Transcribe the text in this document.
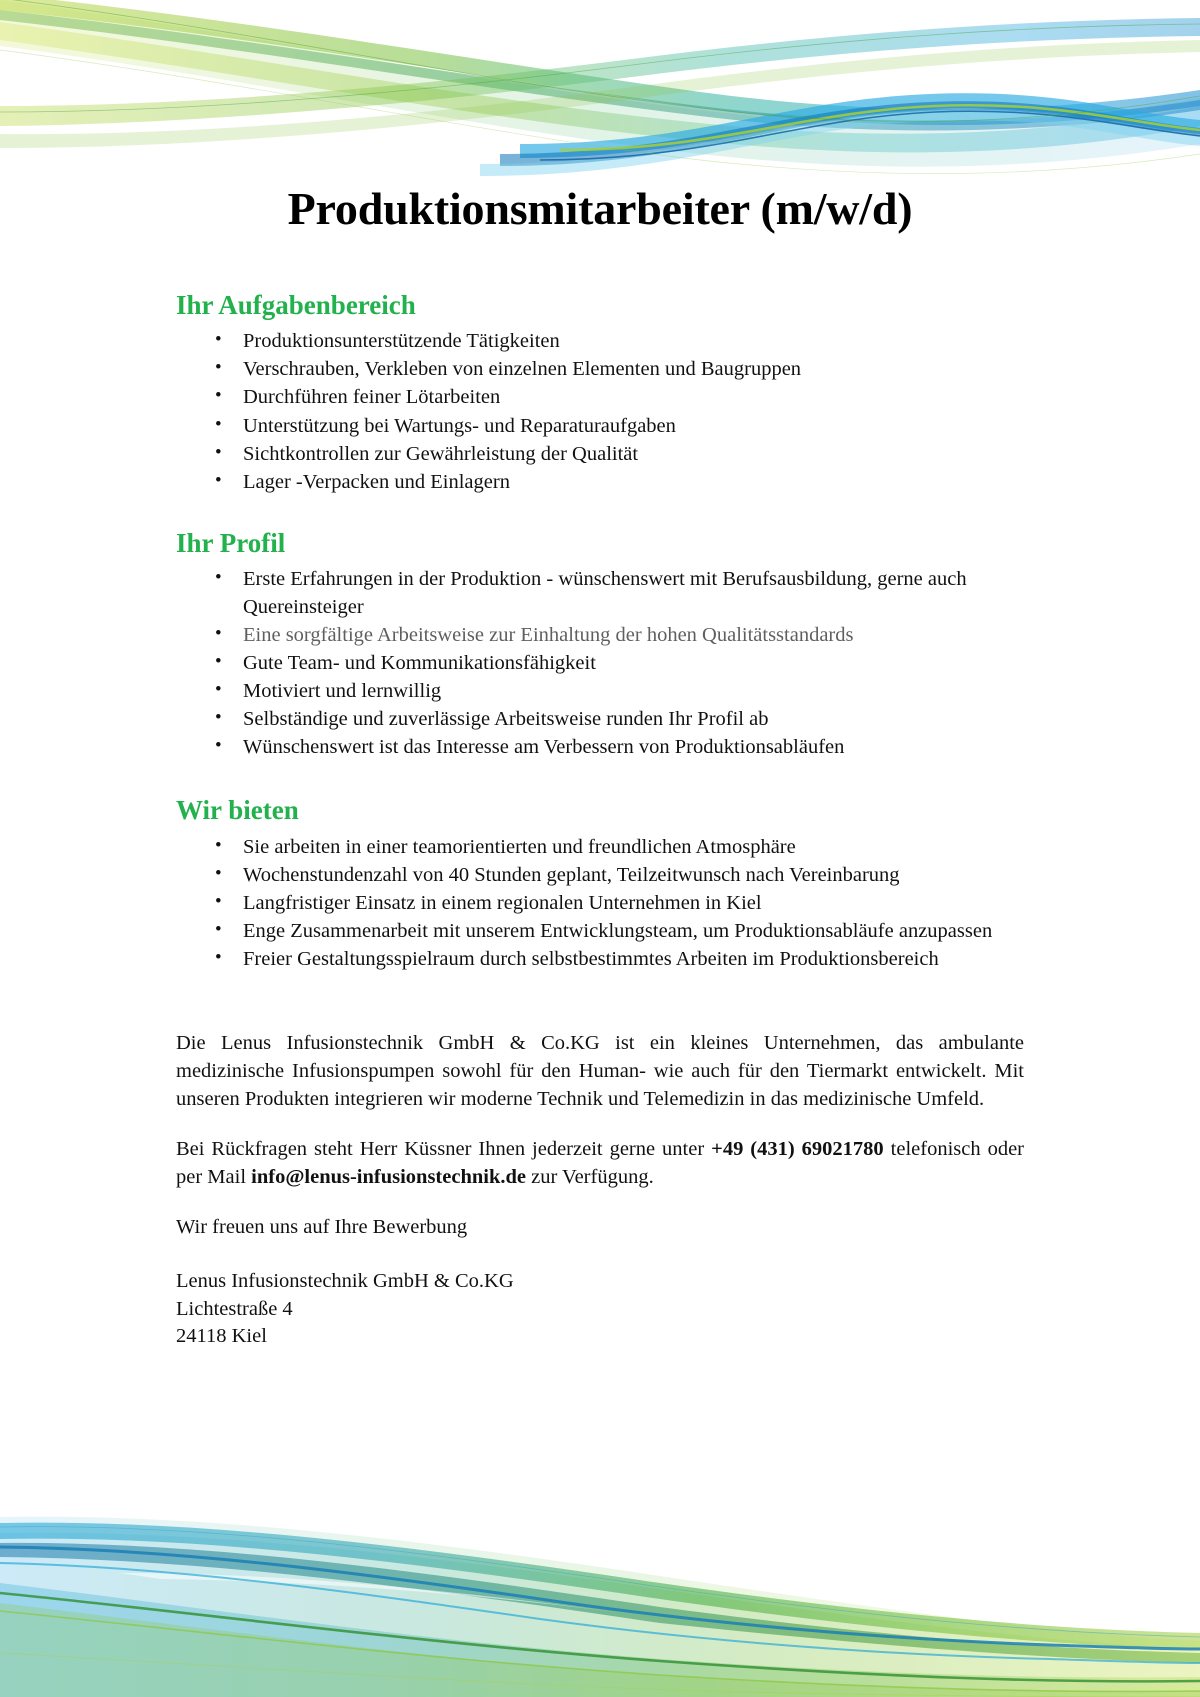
Produktionsmitarbeiter (m/w/d)
Ihr Aufgabenbereich
• Produktionsunterstützende Tätigkeiten
• Verschrauben, Verkleben von einzelnen Elementen und Baugruppen
• Durchführen feiner Lötarbeiten
• Unterstützung bei Wartungs- und Reparaturaufgaben
• Sichtkontrollen zur Gewährleistung der Qualität
• Lager -Verpacken und Einlagern
Ihr Profil
• Erste Erfahrungen in der Produktion - wünschenswert mit Berufsausbildung, gerne auch Quereinsteiger
• Eine sorgfältige Arbeitsweise zur Einhaltung der hohen Qualitätsstandards
• Gute Team- und Kommunikationsfähigkeit
• Motiviert und lernwillig
• Selbständige und zuverlässige Arbeitsweise runden Ihr Profil ab
• Wünschenswert ist das Interesse am Verbessern von Produktionsabläufen
Wir bieten
• Sie arbeiten in einer teamorientierten und freundlichen Atmosphäre
• Wochenstundenzahl von 40 Stunden geplant, Teilzeitwunsch nach Vereinbarung
• Langfristiger Einsatz in einem regionalen Unternehmen in Kiel
• Enge Zusammenarbeit mit unserem Entwicklungsteam, um Produktionsabläufe anzupassen
• Freier Gestaltungsspielraum durch selbstbestimmtes Arbeiten im Produktionsbereich

Die Lenus Infusionstechnik GmbH & Co.KG ist ein kleines Unternehmen, das ambulante medizinische Infusionspumpen sowohl für den Human- wie auch für den Tiermarkt entwickelt. Mit unseren Produkten integrieren wir moderne Technik und Telemedizin in das medizinische Umfeld.

Bei Rückfragen steht Herr Küssner Ihnen jederzeit gerne unter +49 (431) 69021780 telefonisch oder per Mail info@lenus-infusionstechnik.de zur Verfügung.

Wir freuen uns auf Ihre Bewerbung

Lenus Infusionstechnik GmbH & Co.KG

Lichtestraße 4

24118 Kiel
